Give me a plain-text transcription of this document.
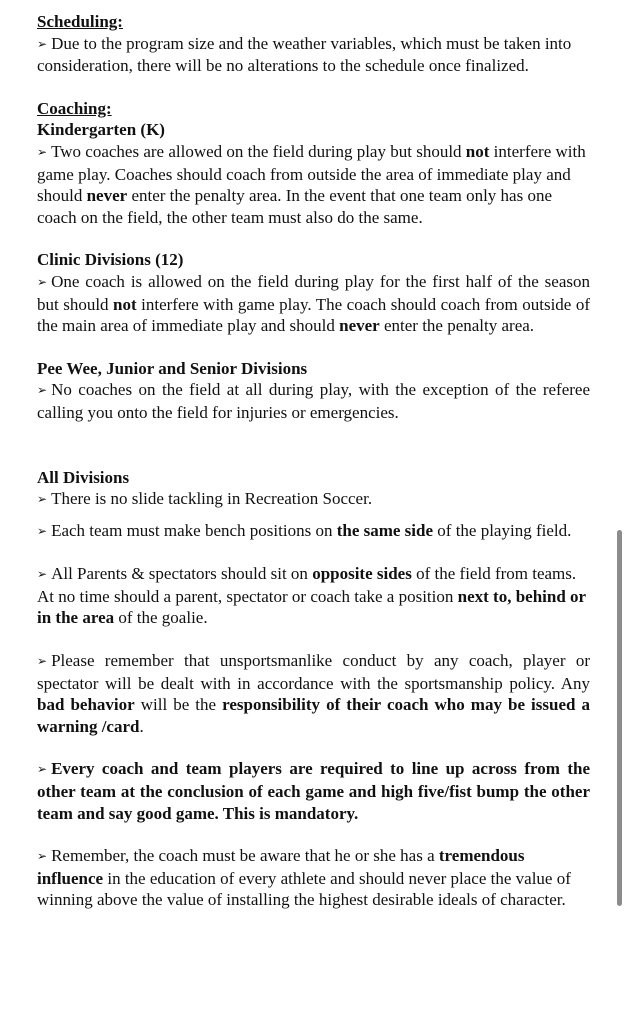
Scheduling:

➢ Due to the program size and the weather variables, which must be taken into consideration, there will be no alterations to the schedule once finalized.

Coaching:

Kindergarten (K)

➢ Two coaches are allowed on the field during play but should not interfere with game play. Coaches should coach from outside the area of immediate play and should never enter the penalty area. In the event that one team only has one coach on the field, the other team must also do the same.

Clinic Divisions (12)

➢ One coach is allowed on the field during play for the first half of the season but should not interfere with game play. The coach should coach from outside of the main area of immediate play and should never enter the penalty area.

Pee Wee, Junior and Senior Divisions

➢ No coaches on the field at all during play, with the exception of the referee calling you onto the field for injuries or emergencies.

All Divisions

➢ There is no slide tackling in Recreation Soccer.

➢ Each team must make bench positions on the same side of the playing field.

➢ All Parents & spectators should sit on opposite sides of the field from teams. At no time should a parent, spectator or coach take a position next to, behind or in the area of the goalie.

➢ Please remember that unsportsmanlike conduct by any coach, player or spectator will be dealt with in accordance with the sportsmanship policy. Any bad behavior will be the responsibility of their coach who may be issued a warning /card.

➢ Every coach and team players are required to line up across from the other team at the conclusion of each game and high five/fist bump the other team and say good game. This is mandatory.

➢ Remember, the coach must be aware that he or she has a tremendous influence in the education of every athlete and should never place the value of winning above the value of installing the highest desirable ideals of character.
